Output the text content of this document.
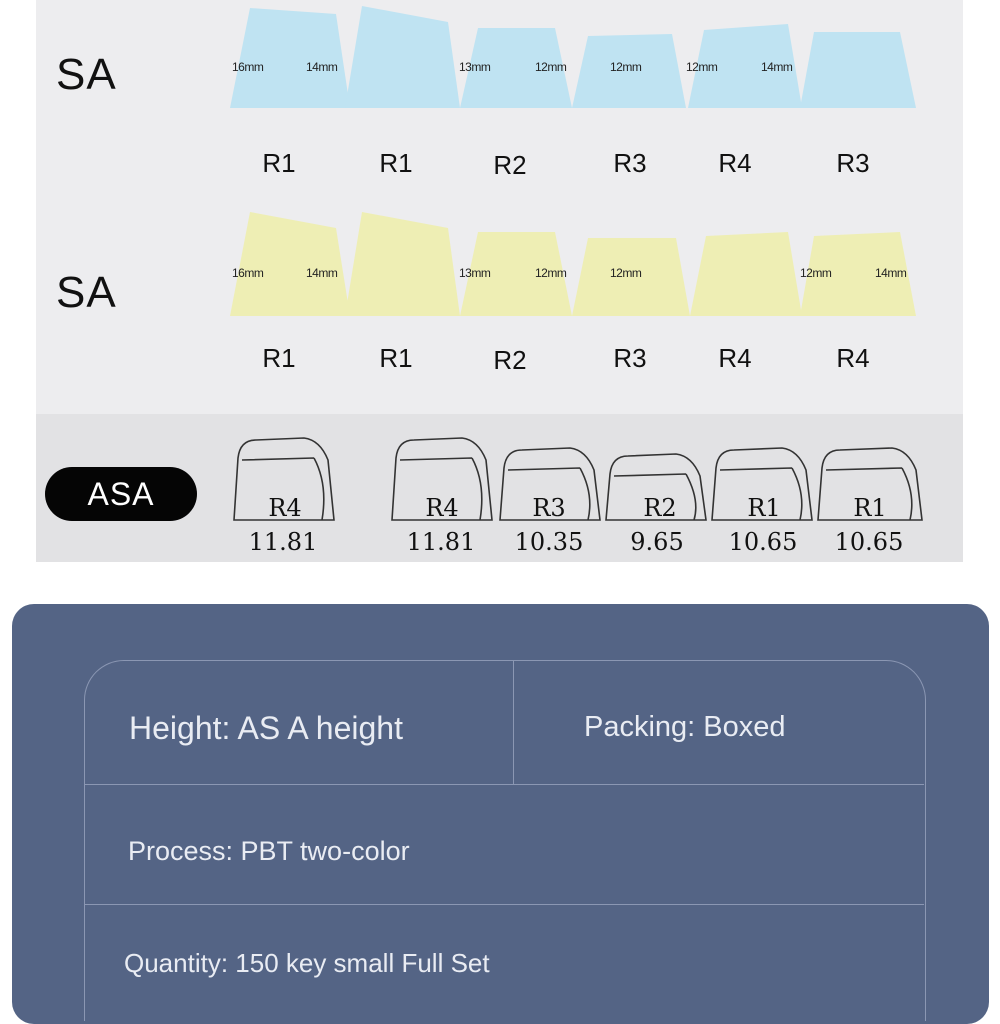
SA
SA
ASA
16mm	14mm	13mm	12mm	12mm	12mm	14mm
R1	R1	R2	R3	R4	R3
16mm	14mm	13mm	12mm	12mm	12mm	14mm
R1	R1	R2	R3	R4	R4
R4	R4	R3	R2	R1	R1
11.81	11.81	10.35	9.65	10.65	10.65
Height: AS A height	Packing: Boxed
Process: PBT two-color
Quantity: 150 key small Full Set
